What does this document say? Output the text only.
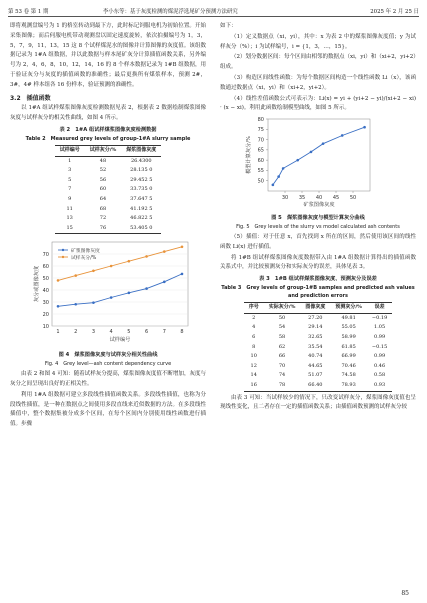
第 53 卷 第 1 期	李小东等：基于灰度检测的煤泥浮选尾矿分预测方法研究	2025 年 2 月 25 日

即将观测盘编号为 1 的格室转动到最下方，此时标记饲服电机为初始位置。开始采集图像；而后伺服电机带动观测盘以固定速度旋转，依次拍摄编号为 1，3，5，7，9，11，13，15 这 8 个试样煤泥水的图像并计算图像的灰度值。该组数据记录为 1#A 组数据，并以此数据与样本尾矿灰分计算插值函数关系，另外编号为 2，4，6，8，10，12，14，16 的 8 个样本数据记录为 1#B 组数据，用于验证灰分与灰度的插值函数的准确性；最后更换所有煤浆样本，预测 2#，3#，4# 样本组各 16 份样本，验证预测的准确性。

3.2　插值函数

以 1#A 组试样煤浆图像灰度检测数据见表 2，根据表 2 数据绘制煤浆图像灰度与试样灰分的相关性曲线，如图 4 所示。

表 2　1#A 组试样煤浆图像灰度检测数据
Table 2　Measured grey levels of group-1#A slurry sample
试样编号	试样灰分/%	煤浆图像灰度
1	48	26.4300
3	52	28.135 0
5	56	29.452 5
7	60	33.735 0
9	64	37.647 5
11	68	41.192 5
13	72	46.822 5
15	76	53.405 0
10
20
30
40
50
60
70
1	2	3	4	5	6	7	8
试样编号
灰分或图像灰度
矿浆图像灰度
试样灰分/%
图 4　煤浆图像灰度与试样灰分相关性曲线
Fig. 4　Grey level—ash content dependency curve

由表 2 和图 4 可知：随着试样灰分提高，煤浆图像灰度值不断增加，灰度与灰分之间呈现出良好的正相关性。

利用 1#A 组数据可建立多段线性插值函数关系。多段线性插值，也称为分段线性插值，是一种在数据点之间使用多段直线来近似数据的方法。在多段线性插值中，整个数据集被分成多个区间，在每个区间内分别使用线性函数进行插值。步骤

如下：

（1）定义数据点（xi，yi），其中：x 为表 2 中的煤浆图像灰度值；y 为试样灰分（%）；i 为试样编号，i = {1，3，…，15}。

（2）划分数据区间：每个区间由相邻的数据点（xi，yi）和（xi+2，yi+2）组成。

（3）构造区间线性函数：为每个数据区间构造一个线性函数 Li（x），该函数通过数据点（xi，yi）和（xi+2，yi+2）。

（4）线性差值函数公式可表示为：Li(x) = yi + (yi+2 − yi)/(xi+2 − xi) · (x − xi)。利用此函数绘制模型曲线，如图 5 所示。

50
55
60
65
70
75
80
30 35 40 45 50
矿浆图像灰度
模型计算灰分/%
图 5　煤浆图像灰度与模型计算灰分曲线
Fig. 5　Grey levels of the slurry vs model calculated ash contents

（5）插值：对于任意 x，首先找到 x 所在的区间，然后使用该区间的线性函数 Li(x) 进行插值。

将 1#B 组试样煤浆图像灰度数据带入由 1#A 组数据计算得出的插值函数关系式中，并比较预测灰分和实际灰分的误差，具体见表 3。

表 3　1#B 组试样煤浆图像灰度、预测灰分及误差
Table 3　Grey levels of group-1#B samples and predicted ash values and prediction errors
序号	实际灰分/%	图像灰度	预测灰分/%	误差
2	50	27.20	49.81	−0.19
4	54	29.14	55.05	1.05
6	58	32.65	58.99	0.99
8	62	35.54	61.85	−0.15
10	66	40.74	66.99	0.99
12	70	44.65	70.46	0.46
14	74	51.07	74.58	0.58
16	78	66.40	78.93	0.93

由表 3 可知：当试样较少的情况下，只改变试样灰分，煤浆图像灰度值也呈现线性变化，且二者存在一定的插值函数关系；由插值函数预测的试样灰分较

85
